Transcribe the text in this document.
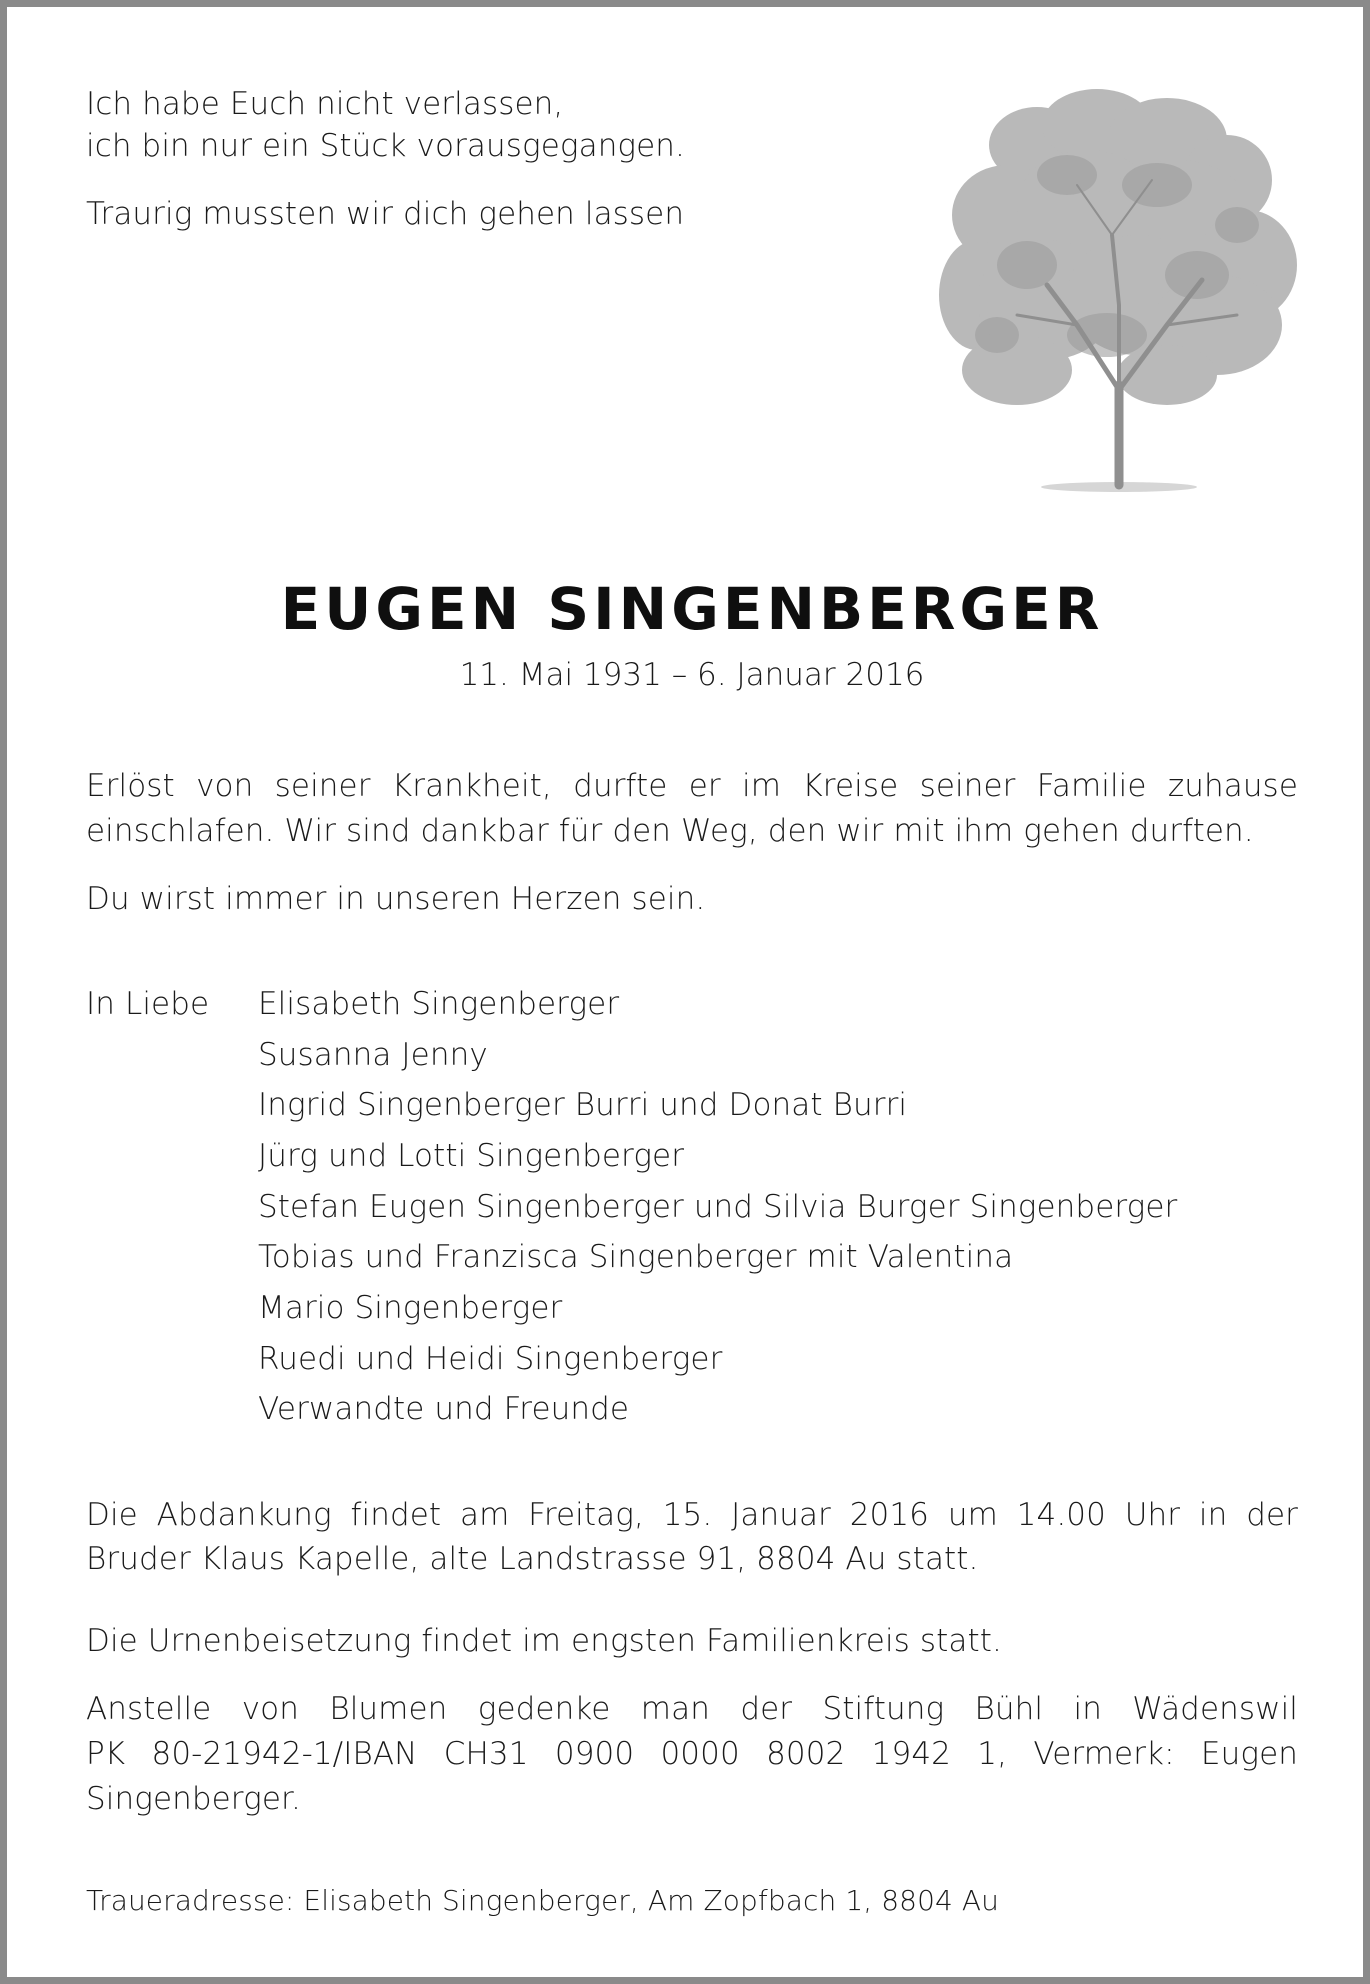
Ich habe Euch nicht verlassen,
ich bin nur ein Stück vorausgegangen.
Traurig mussten wir dich gehen lassen
EUGEN SINGENBERGER
11. Mai 1931 – 6. Januar 2016
Erlöst von seiner Krankheit, durfte er im Kreise seiner Familie zuhause
einschlafen. Wir sind dankbar für den Weg, den wir mit ihm gehen durften.
Du wirst immer in unseren Herzen sein.
In Liebe Elisabeth Singenberger
Susanna Jenny
Ingrid Singenberger Burri und Donat Burri
Jürg und Lotti Singenberger
Stefan Eugen Singenberger und Silvia Burger Singenberger
Tobias und Franzisca Singenberger mit Valentina
Mario Singenberger
Ruedi und Heidi Singenberger
Verwandte und Freunde
Die Abdankung findet am Freitag, 15. Januar 2016 um 14.00 Uhr in der
Bruder Klaus Kapelle, alte Landstrasse 91, 8804 Au statt.
Die Urnenbeisetzung findet im engsten Familienkreis statt.
Anstelle von Blumen gedenke man der Stiftung Bühl in Wädenswil
PK 80-21942-1/IBAN CH31 0900 0000 8002 1942 1, Vermerk: Eugen
Singenberger.
Traueradresse: Elisabeth Singenberger, Am Zopfbach 1, 8804 Au
